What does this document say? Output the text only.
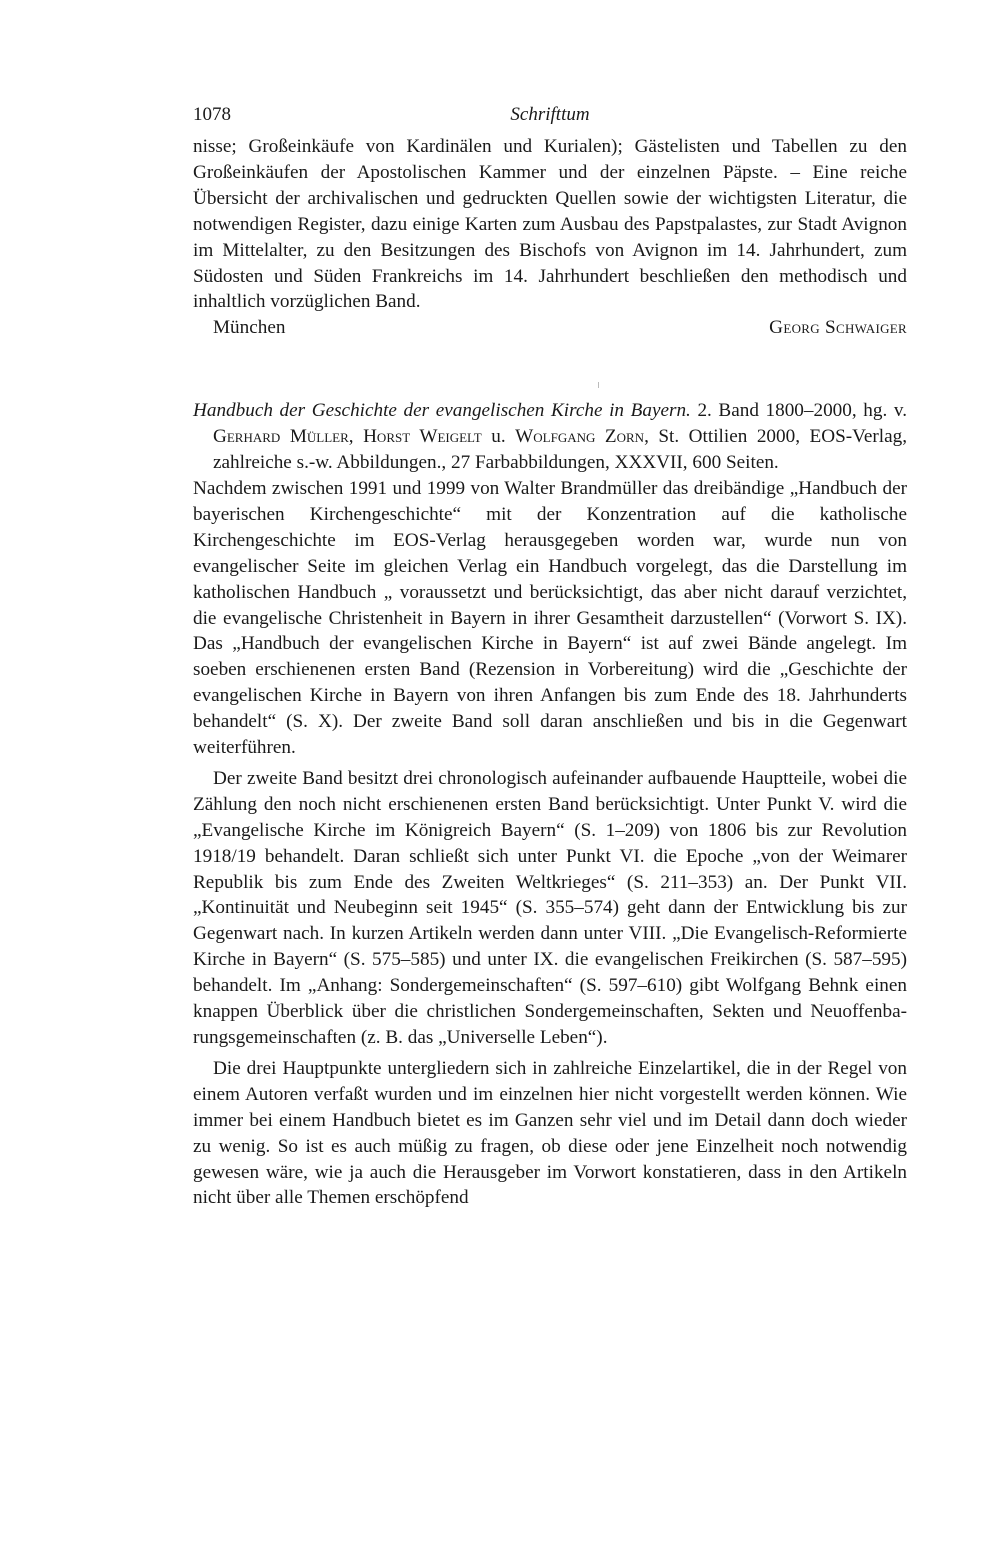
1078	Schrifttum

nisse; Großeinkäufe von Kardinälen und Kurialen); Gästelisten und Tabellen zu den Großeinkäufen der Apostolischen Kammer und der einzelnen Päpste. – Eine reiche Übersicht der archivalischen und gedruckten Quellen sowie der wichtigsten Literatur, die notwendigen Register, dazu einige Karten zum Ausbau des Papstpalastes, zur Stadt Avignon im Mittelalter, zu den Besitzungen des Bischofs von Avignon im 14. Jahrhundert, zum Südosten und Süden Frankreichs im 14. Jahrhundert beschließen den methodisch und inhaltlich vorzüglichen Band.

München	Georg Schwaiger
Handbuch der Geschichte der evangelischen Kirche in Bayern. 2. Band 1800–2000, hg. v. Gerhard Müller, Horst Weigelt u. Wolfgang Zorn, St. Ottilien 2000, EOS-Verlag, zahlreiche s.-w. Abbildungen., 27 Farbabbildungen, XXXVII, 600 Seiten.

Nachdem zwischen 1991 und 1999 von Walter Brandmüller das dreibändige „Handbuch der bayerischen Kirchengeschichte“ mit der Konzentration auf die katholische Kirchengeschichte im EOS-Verlag herausgegeben worden war, wurde nun von evangelischer Seite im gleichen Verlag ein Handbuch vorgelegt, das die Darstellung im katholischen Handbuch „ voraussetzt und berücksichtigt, das aber nicht darauf verzichtet, die evangelische Christenheit in Bayern in ihrer Gesamtheit darzustellen“ (Vorwort S. IX). Das „Handbuch der evangelischen Kirche in Bayern“ ist auf zwei Bände angelegt. Im soeben erschienenen ersten Band (Rezension in Vorbereitung) wird die „Geschichte der evangelischen Kirche in Bayern von ihren Anfangen bis zum Ende des 18. Jahrhunderts behandelt“ (S. X). Der zweite Band soll daran anschließen und bis in die Gegenwart weiterführen.

Der zweite Band besitzt drei chronologisch aufeinander aufbauende Hauptteile, wobei die Zählung den noch nicht erschienenen ersten Band berücksichtigt. Unter Punkt V. wird die „Evangelische Kirche im Königreich Bayern“ (S. 1–209) von 1806 bis zur Revolution 1918/19 behandelt. Daran schließt sich unter Punkt VI. die Epoche „von der Weimarer Republik bis zum Ende des Zweiten Weltkrieges“ (S. 211–353) an. Der Punkt VII. „Kontinuität und Neubeginn seit 1945“ (S. 355–574) geht dann der Entwicklung bis zur Gegenwart nach. In kurzen Artikeln werden dann unter VIII. „Die Evangelisch-Reformierte Kirche in Bayern“ (S. 575–585) und unter IX. die evangelischen Freikirchen (S. 587–595) behandelt. Im „Anhang: Sondergemeinschaften“ (S. 597–610) gibt Wolfgang Behnk einen knappen Überblick über die christlichen Sondergemeinschaften, Sekten und Neuoffenbarungsgemeinschaften (z. B. das „Universelle Leben“).

Die drei Hauptpunkte untergliedern sich in zahlreiche Einzelartikel, die in der Regel von einem Autoren verfaßt wurden und im einzelnen hier nicht vorgestellt werden können. Wie immer bei einem Handbuch bietet es im Ganzen sehr viel und im Detail dann doch wieder zu wenig. So ist es auch müßig zu fragen, ob diese oder jene Einzelheit noch notwendig gewesen wäre, wie ja auch die Herausgeber im Vorwort konstatieren, dass in den Artikeln nicht über alle Themen erschöpfend
